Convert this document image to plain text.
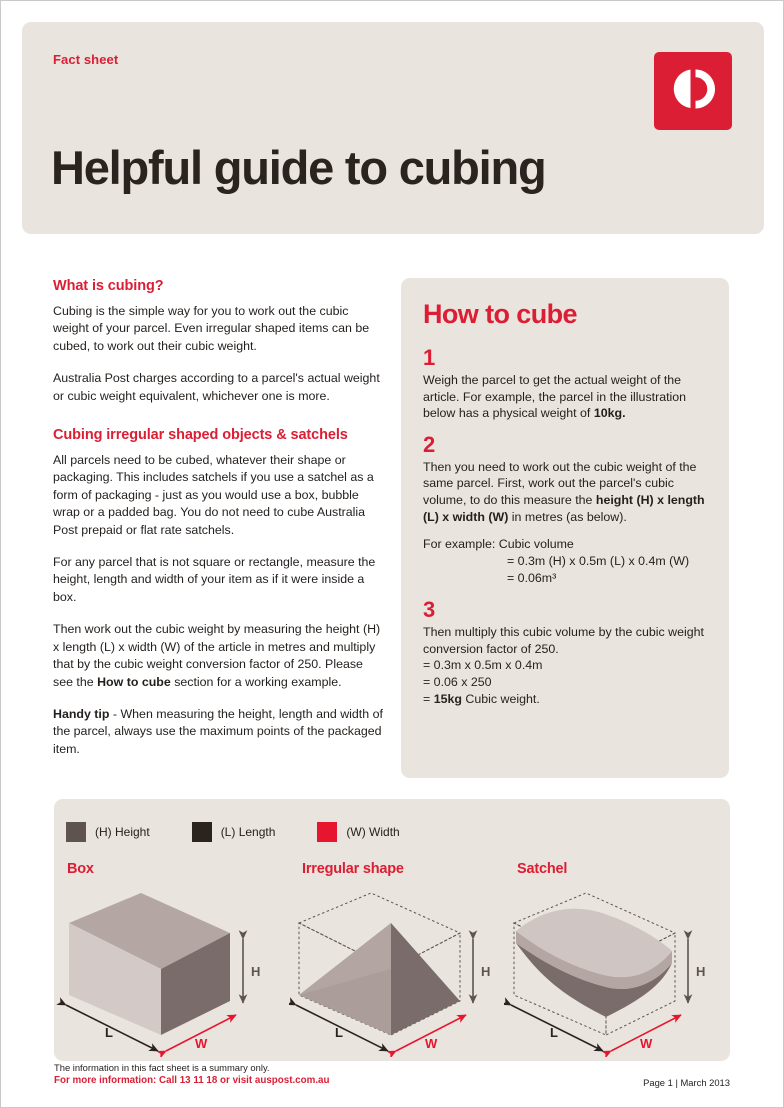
Fact sheet
Helpful guide to cubing
What is cubing?

Cubing is the simple way for you to work out the cubic weight of your parcel. Even irregular shaped items can be cubed, to work out their cubic weight.

Australia Post charges according to a parcel's actual weight or cubic weight equivalent, whichever one is more.

Cubing irregular shaped objects & satchels

All parcels need to be cubed, whatever their shape or packaging. This includes satchels if you use a satchel as a form of packaging - just as you would use a box, bubble wrap or a padded bag. You do not need to cube Australia Post prepaid or flat rate satchels.

For any parcel that is not square or rectangle, measure the height, length and width of your item as if it were inside a box.

Then work out the cubic weight by measuring the height (H) x length (L) x width (W) of the article in metres and multiply that by the cubic weight conversion factor of 250. Please see the How to cube section for a working example.

Handy tip - When measuring the height, length and width of the parcel, always use the maximum points of the packaged item.

How to cube
1
Weigh the parcel to get the actual weight of the article. For example, the parcel in the illustration below has a physical weight of 10kg.
2
Then you need to work out the cubic weight of the same parcel. First, work out the parcel's cubic volume, to do this measure the height (H) x length (L) x width (W) in metres (as below).
For example: Cubic volume
= 0.3m (H) x 0.5m (L) x 0.4m (W)
= 0.06m³
3
Then multiply this cubic volume by the cubic weight conversion factor of 250.
= 0.3m x 0.5m x 0.4m
= 0.06 x 250
= 15kg Cubic weight.
(H) Height	(L) Length	(W) Width
Box
H
L
W
Irregular shape
H
L
W
Satchel
H
L
W
The information in this fact sheet is a summary only.
For more information: Call 13 11 18 or visit auspost.com.au	Page 1 | March 2013
